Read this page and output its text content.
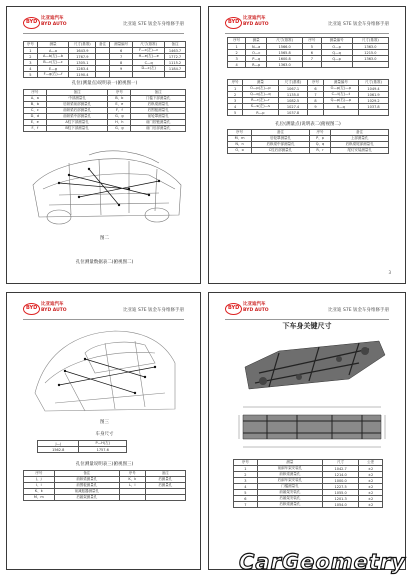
BYD
比亚迪汽车
BYD AUTO	比亚迪 S7E 钣金车身维修手册
序号	测量	尺寸(基准)	备注	测量编号	尺寸(基准)	备注
1	A—a	1643.9		6	F—c(左)—c	1463.7
2	A—b(左)—b	1767.9		7	H—e(左)—e	1772.7
3	B—c(左)—c	1305.1		8	C—q	1115.2
4	E—g	1283.4		9	D—c(左)	1184.7
5	F—g(右)—f	1190.4				
孔位(测量点)说明表一(俯视图一)
序号	备注	序号	备注
A、a	中部测量孔	B、b	门槛下部测量孔
B、b	后纵梁前部测量孔	E、e	后纵梁测量孔
C、c	前纵梁后部测量孔	F、f	后围板测量孔
D、d	前纵梁中部测量孔	G、g	前轮罩测量孔
E、e	A柱下部测量孔	H、h	前门铰链测量孔
F、f	B柱下部测量孔	G、g	前门后部测量孔
图二
孔位测量数据表二(俯视图二)
BYD
比亚迪汽车
BYD AUTO	比亚迪 S7E 钣金车身维修手册
序号	测量	尺寸(基准)	序号	测量编号	尺寸(基准)
1	N—a	1566.0	5	O—p	1363.0
2	O—c	1565.8	6	Q—q	1215.0
3	P—q	1600.8	7	Q—p	1363.0
4	R—p	1363.0			
序号	测量	尺寸(基准)	序号	测量编号	尺寸(基准)
1	O—p(左)—p	1067.1	6	O—p(左)—p	1049.4
2	Q—q(左)—q	1135.0	7	C—t(左)—t	1061.9
3	R—r(左)—r	1082.5	8	Q—p(右)—p	1029.2
4	S—s(左)—s	1027.4	9	R—q	1037.8
5	R—p	1037.8			
孔位(测量点)说明表二(俯视图二)
序号	备注	序号	备注
M、m	后轮罩测量孔	P、p	上部测量孔
N、n	后纵梁中部测量孔	Q、q	后纵梁尾部测量孔
O、o	C柱后部测量孔	R、r	尾灯安装测量孔
3
BYD
比亚迪汽车
BYD AUTO	比亚迪 S7E 钣金车身维修手册
图三
车身尺寸
J—j	P—H(左)
1562.8	1757.6
孔位测量说明表三(俯视图三)
序号	备注	序号	备注
J、j	前纵梁测量孔	K、k	后测量孔
I、i	前围板测量孔	L、l	后测量孔
K、k	前减振器测量孔		
M、m	后悬架测量孔		
BYD
比亚迪汽车
BYD AUTO	比亚迪 S7E 钣金车身维修手册
下车身关键尺寸
序号	测量	尺寸	公差
1	前副车架安装孔	1042.7	±2
2	前纵梁测量孔	1214.0	±2
3	后副车架安装孔	1000.0	±2
4	门槛测量孔	1227.5	±2
5	前悬架安装孔	1055.0	±2
6	后悬架安装孔	1201.3	±2
7	后纵梁测量孔	1054.0	±2
CarGeometry
